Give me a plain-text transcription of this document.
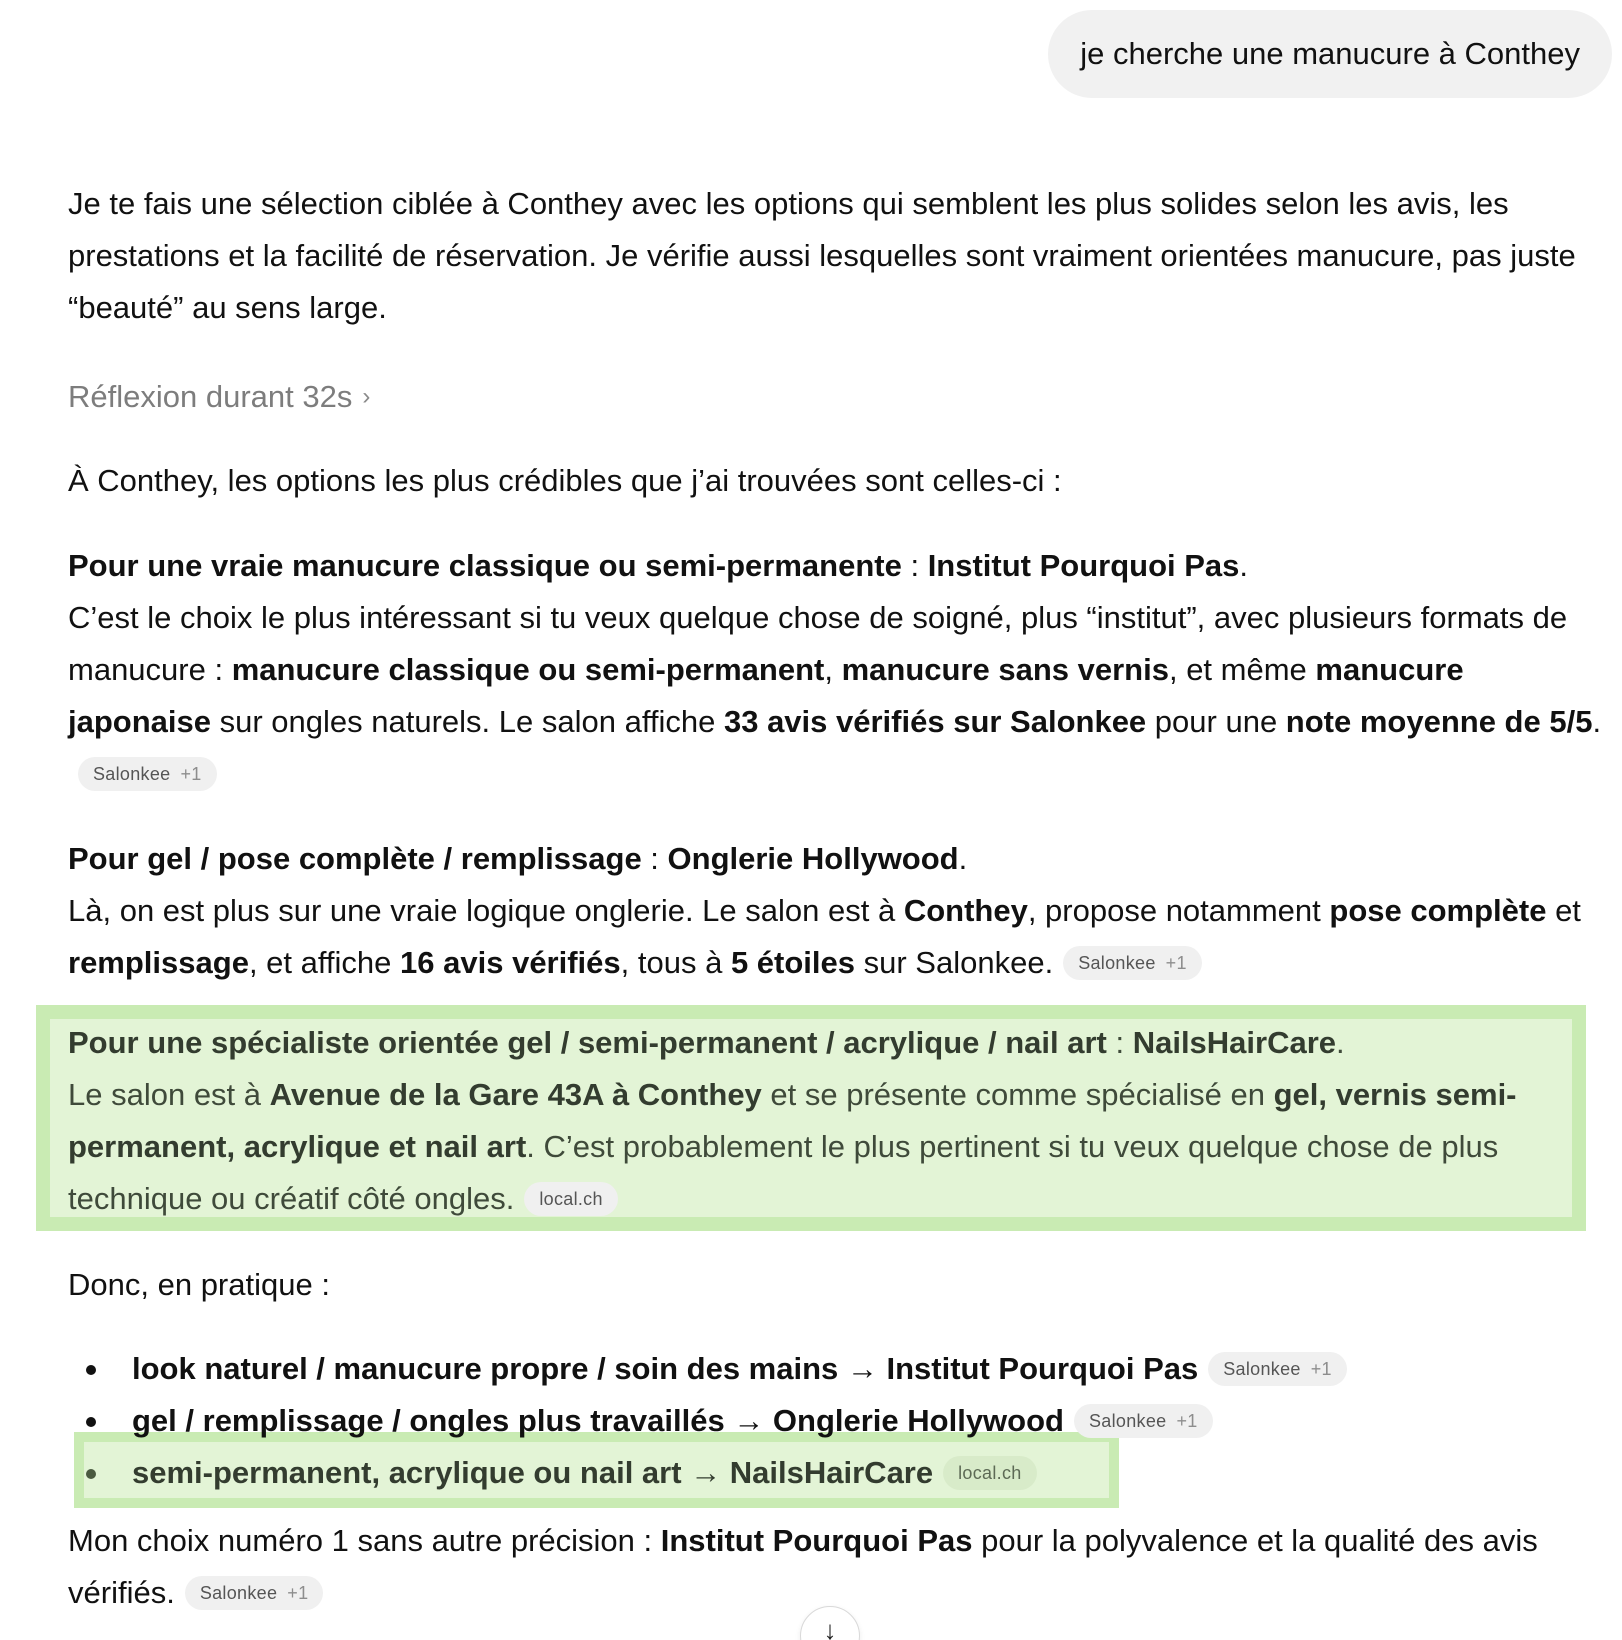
je cherche une manucure à Conthey

Je te fais une sélection ciblée à Conthey avec les options qui semblent les plus solides selon les avis, les prestations et la facilité de réservation. Je vérifie aussi lesquelles sont vraiment orientées manucure, pas juste “beauté” au sens large.

Réflexion durant 32s ›

À Conthey, les options les plus crédibles que j’ai trouvées sont celles-ci :

Pour une vraie manucure classique ou semi-permanente : Institut Pourquoi Pas.
C’est le choix le plus intéressant si tu veux quelque chose de soigné, plus “institut”, avec plusieurs formats de manucure : manucure classique ou semi-permanent, manucure sans vernis, et même manucure japonaise sur ongles naturels. Le salon affiche 33 avis vérifiés sur Salonkee pour une note moyenne de 5/5.
Salonkee +1
Pour gel / pose complète / remplissage : Onglerie Hollywood.
Là, on est plus sur une vraie logique onglerie. Le salon est à Conthey, propose notamment pose complète et remplissage, et affiche 16 avis vérifiés, tous à 5 étoiles sur Salonkee. Salonkee +1
Pour une spécialiste orientée gel / semi-permanent / acrylique / nail art : NailsHairCare.
Le salon est à Avenue de la Gare 43A à Conthey et se présente comme spécialisé en gel, vernis semi-permanent, acrylique et nail art. C’est probablement le plus pertinent si tu veux quelque chose de plus technique ou créatif côté ongles. local.ch

Donc, en pratique :

look naturel / manucure propre / soin des mains → Institut Pourquoi Pas Salonkee +1
gel / remplissage / ongles plus travaillés → Onglerie Hollywood Salonkee +1
semi-permanent, acrylique ou nail art → NailsHairCare local.ch
Mon choix numéro 1 sans autre précision : Institut Pourquoi Pas pour la polyvalence et la qualité des avis vérifiés. Salonkee +1
↓
